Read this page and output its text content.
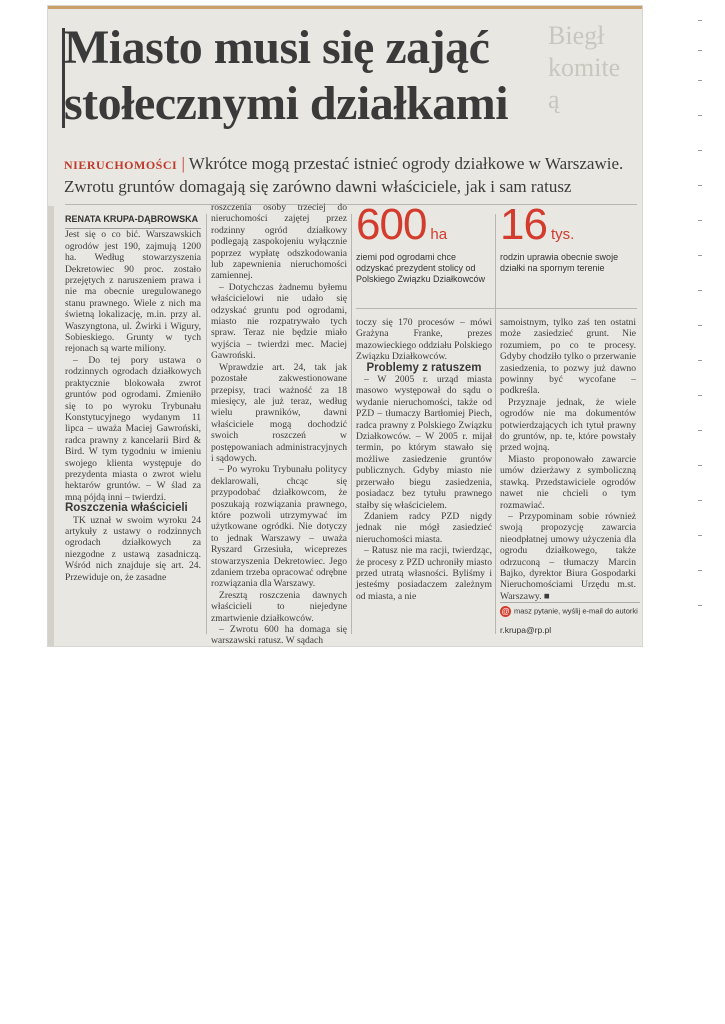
Biegł
komite
ą
Miasto musi się zająć
stołecznymi działkami
NIERUCHOMOŚCI | Wkrótce mogą przestać istnieć ogrody działkowe w Warszawie.
Zwrotu gruntów domagają się zarówno dawni właściciele, jak i sam ratusz

RENATA KRUPA-DĄBROWSKA

Jest się o co bić. Warszawskich ogrodów jest 190, zajmują 1200 ha. Według stowarzyszenia Dekretowiec 90 proc. zostało przejętych z naruszeniem prawa i nie ma obecnie uregulowanego stanu prawnego. Wiele z nich ma świetną lokalizację, m.in. przy al. Waszyngtona, ul. Żwirki i Wigury, Sobieskiego. Grunty w tych rejonach są warte miliony.

– Do tej pory ustawa o rodzinnych ogrodach działkowych praktycznie blokowała zwrot gruntów pod ogrodami. Zmieniło się to po wyroku Trybunału Konstytucyjnego wydanym 11 lipca – uważa Maciej Gawroński, radca prawny z kancelarii Bird & Bird. W tym tygodniu w imieniu swojego klienta występuje do prezydenta miasta o zwrot wielu hektarów gruntów. – W ślad za mną pójdą inni – twierdzi.

Roszczenia właścicieli

TK uznał w swoim wyroku 24 artykuły z ustawy o rodzinnych ogrodach działkowych za niezgodne z ustawą zasadniczą. Wśród nich znajduje się art. 24. Przewiduje on, że zasadne

roszczenia osoby trzeciej do nieruchomości zajętej przez rodzinny ogród działkowy podlegają zaspokojeniu wyłącznie poprzez wypłatę odszkodowania lub zapewnienia nieruchomości zamiennej.

– Dotychczas żadnemu byłemu właścicielowi nie udało się odzyskać gruntu pod ogrodami, miasto nie rozpatrywało tych spraw. Teraz nie będzie miało wyjścia – twierdzi mec. Maciej Gawroński.

Wprawdzie art. 24, tak jak pozostałe zakwestionowane przepisy, traci ważność za 18 miesięcy, ale już teraz, według wielu prawników, dawni właściciele mogą dochodzić swoich roszczeń w postępowaniach administracyjnych i sądowych.

– Po wyroku Trybunału politycy deklarowali, chcąc się przypodobać działkowcom, że poszukają rozwiązania prawnego, które pozwoli utrzymywać im użytkowane ogródki. Nie dotyczy to jednak Warszawy – uważa Ryszard Grzesiuła, wiceprezes stowarzyszenia Dekretowiec. Jego zdaniem trzeba opracować odrębne rozwiązania dla Warszawy.

Zresztą roszczenia dawnych właścicieli to niejedyne zmartwienie działkowców.

– Zwrotu 600 ha domaga się warszawski ratusz. W sądach

600 ha
ziemi pod ogrodami chce odzyskać prezydent stolicy od Polskiego Związku Działkowców
16 tys.
rodzin uprawia obecnie swoje działki na spornym terenie

toczy się 170 procesów – mówi Grażyna Franke, prezes mazowieckiego oddziału Polskiego Związku Działkowców.

Problemy z ratuszem

– W 2005 r. urząd miasta masowo występował do sądu o wydanie nieruchomości, także od PZD – tłumaczy Bartłomiej Piech, radca prawny z Polskiego Związku Działkowców. – W 2005 r. mijał termin, po którym stawało się możliwe zasiedzenie gruntów publicznych. Gdyby miasto nie przerwało biegu zasiedzenia, posiadacz bez tytułu prawnego stałby się właścicielem.

Zdaniem radcy PZD nigdy jednak nie mógł zasiedzieć nieruchomości miasta.

– Ratusz nie ma racji, twierdząc, że procesy z PZD uchroniły miasto przed utratą własności. Byliśmy i jesteśmy posiadaczem zależnym od miasta, a nie

samoistnym, tylko zaś ten ostatni może zasiedzieć grunt. Nie rozumiem, po co te procesy. Gdyby chodziło tylko o przerwanie zasiedzenia, to pozwy już dawno powinny być wycofane – podkreśla.

Przyznaje jednak, że wiele ogrodów nie ma dokumentów potwierdzających ich tytuł prawny do gruntów, np. te, które powstały przed wojną.

Miasto proponowało zawarcie umów dzierżawy z symboliczną stawką. Przedstawiciele ogrodów nawet nie chcieli o tym rozmawiać.

– Przypominam sobie również swoją propozycję zawarcia nieodpłatnej umowy użyczenia dla ogrodu działkowego, także odrzuconą – tłumaczy Marcin Bajko, dyrektor Biura Gospodarki Nieruchomościami Urzędu m.st. Warszawy. ■

@ masz pytanie, wyślij e-mail do autorki
r.krupa@rp.pl
